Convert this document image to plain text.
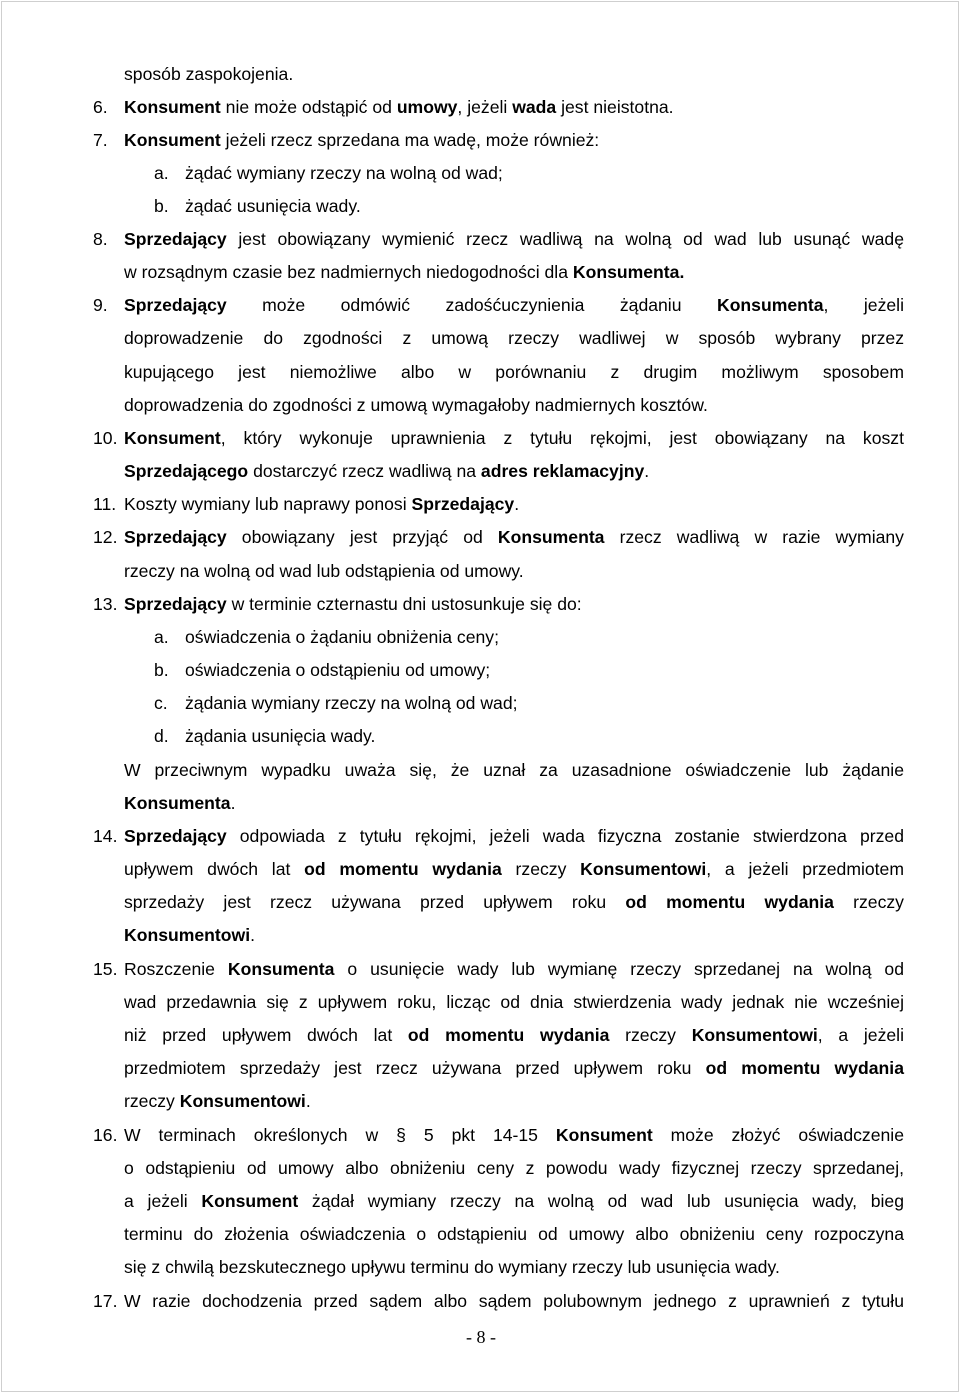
sposób zaspokojenia.
6. Konsument nie może odstąpić od umowy, jeżeli wada jest nieistotna.
7. Konsument jeżeli rzecz sprzedana ma wadę, może również:
a. żądać wymiany rzeczy na wolną od wad;
b. żądać usunięcia wady.
8. Sprzedający jest obowiązany wymienić rzecz wadliwą na wolną od wad lub usunąć wadę
w rozsądnym czasie bez nadmiernych niedogodności dla Konsumenta.
9. Sprzedający może odmówić zadośćuczynienia żądaniu Konsumenta, jeżeli
doprowadzenie do zgodności z umową rzeczy wadliwej w sposób wybrany przez
kupującego jest niemożliwe albo w porównaniu z drugim możliwym sposobem
doprowadzenia do zgodności z umową wymagałoby nadmiernych kosztów.
10. Konsument, który wykonuje uprawnienia z tytułu rękojmi, jest obowiązany na koszt
Sprzedającego dostarczyć rzecz wadliwą na adres reklamacyjny.
11. Koszty wymiany lub naprawy ponosi Sprzedający.
12. Sprzedający obowiązany jest przyjąć od Konsumenta rzecz wadliwą w razie wymiany
rzeczy na wolną od wad lub odstąpienia od umowy.
13. Sprzedający w terminie czternastu dni ustosunkuje się do:
a. oświadczenia o żądaniu obniżenia ceny;
b. oświadczenia o odstąpieniu od umowy;
c. żądania wymiany rzeczy na wolną od wad;
d. żądania usunięcia wady.
W przeciwnym wypadku uważa się, że uznał za uzasadnione oświadczenie lub żądanie
Konsumenta.
14. Sprzedający odpowiada z tytułu rękojmi, jeżeli wada fizyczna zostanie stwierdzona przed
upływem dwóch lat od momentu wydania rzeczy Konsumentowi, a jeżeli przedmiotem
sprzedaży jest rzecz używana przed upływem roku od momentu wydania rzeczy
Konsumentowi.
15. Roszczenie Konsumenta o usunięcie wady lub wymianę rzeczy sprzedanej na wolną od
wad przedawnia się z upływem roku, licząc od dnia stwierdzenia wady jednak nie wcześniej
niż przed upływem dwóch lat od momentu wydania rzeczy Konsumentowi, a jeżeli
przedmiotem sprzedaży jest rzecz używana przed upływem roku od momentu wydania
rzeczy Konsumentowi.
16. W terminach określonych w § 5 pkt 14-15 Konsument może złożyć oświadczenie
o odstąpieniu od umowy albo obniżeniu ceny z powodu wady fizycznej rzeczy sprzedanej,
a jeżeli Konsument żądał wymiany rzeczy na wolną od wad lub usunięcia wady, bieg
terminu do złożenia oświadczenia o odstąpieniu od umowy albo obniżeniu ceny rozpoczyna
się z chwilą bezskutecznego upływu terminu do wymiany rzeczy lub usunięcia wady.
17. W razie dochodzenia przed sądem albo sądem polubownym jednego z uprawnień z tytułu
- 8 -
